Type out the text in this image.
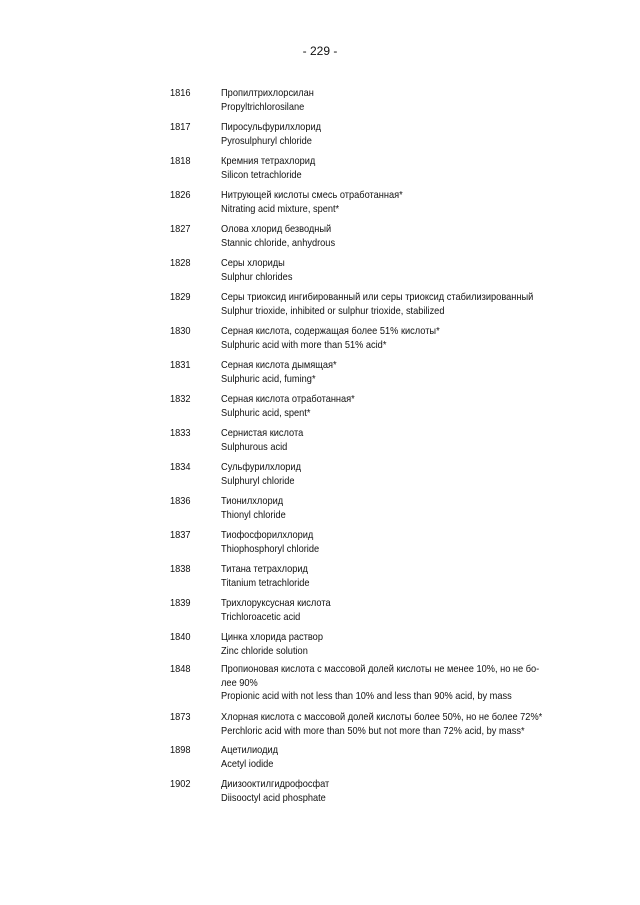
- 229 -
1816	Пропилтрихлорсилан
Propyltrichlorosilane
1817	Пиросульфурилхлорид
Pyrosulphuryl chloride
1818	Кремния тетрахлорид
Silicon tetrachloride
1826	Нитрующей кислоты смесь отработанная*
Nitrating acid mixture, spent*
1827	Олова хлорид безводный
Stannic chloride, anhydrous
1828	Серы хлориды
Sulphur chlorides
1829	Серы триоксид ингибированный или серы триоксид стабилизированный
Sulphur trioxide, inhibited or sulphur trioxide, stabilized
1830	Серная кислота, содержащая более 51% кислоты*
Sulphuric acid with more than 51% acid*
1831	Серная кислота дымящая*
Sulphuric acid, fuming*
1832	Серная кислота отработанная*
Sulphuric acid, spent*
1833	Сернистая кислота
Sulphurous acid
1834	Сульфурилхлорид
Sulphuryl chloride
1836	Тионилхлорид
Thionyl chloride
1837	Тиофосфорилхлорид
Thiophosphoryl chloride
1838	Титана тетрахлорид
Titanium tetrachloride
1839	Трихлоруксусная кислота
Trichloroacetic acid
1840	Цинка хлорида раствор
Zinc chloride solution
1848	Пропионовая кислота с массовой долей кислоты не менее 10%, но не бо-
лее 90%
Propionic acid with not less than 10% and less than 90% acid, by mass
1873	Хлорная кислота с массовой долей кислоты более 50%, но не более 72%*
Perchloric acid with more than 50% but not more than 72% acid, by mass*
1898	Ацетилиодид
Acetyl iodide
1902	Диизооктилгидрофосфат
Diisooctyl acid phosphate
